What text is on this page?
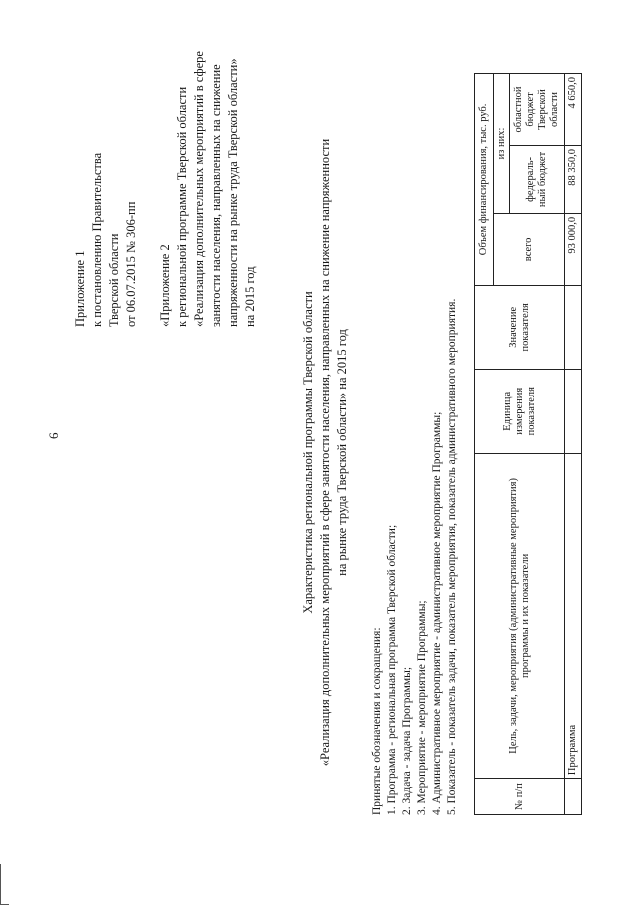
6
Приложение 1 к постановлению Правительства Тверской области от 06.07.2015 № 306-пп «Приложение 2 к региональной программе Тверской области «Реализация дополнительных мероприятий в сфере занятости населения, направленных на снижение напряженности на рынке труда Тверской области» на 2015 год	Характеристика региональной программы Тверской области «Реализация дополнительных мероприятий в сфере занятости населения, направленных на снижение напряженности на рынке труда Тверской области» на 2015 год
Принятые обозначения и сокращения: 1. Программа - региональная программа Тверской области; 2. Задача - задача Программы; 3. Мероприятие - мероприятие Программы; 4. Административное мероприятие - административное мероприятие Программы; 5. Показатель - показатель задачи, показатель мероприятия, показатель административного мероприятия.	№ п/п	Цель, задачи, мероприятия (административные мероприятия) программы и их показатели	Единица измерения показателя	Значение показателя	Объем финансирования, тыс. руб.		
				всего	из них:	
					федераль-ный бюджет	областной бюджет Тверской области
	Программа			93 000,0	88 350,0	4 650,0
